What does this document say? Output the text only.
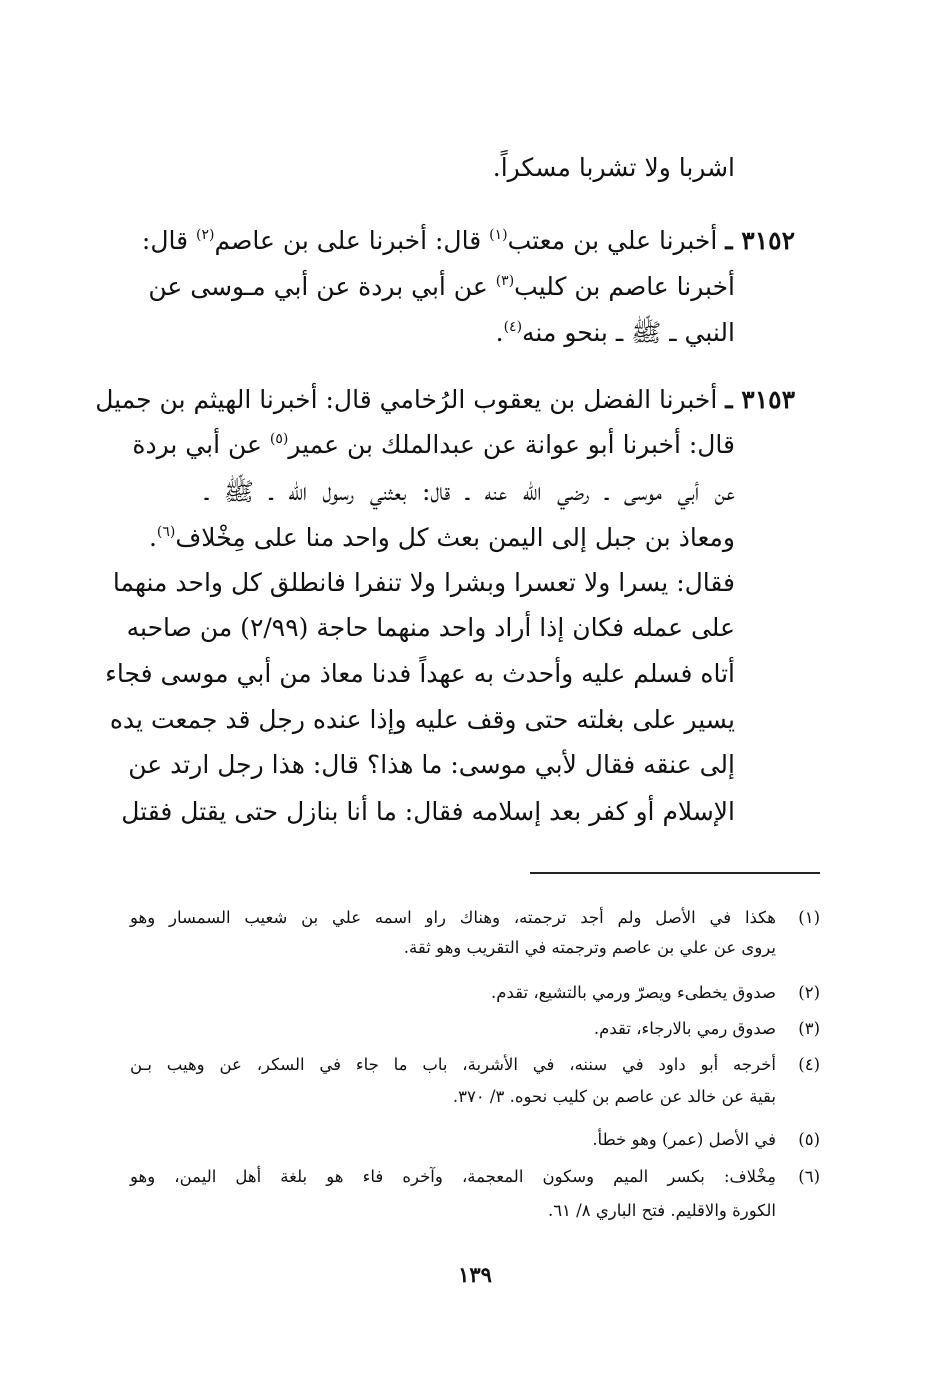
اشربا ولا تشربا مسكراً.
٣١٥٢ ـ أخبرنا علي بن معتب$^{(١)}$ قال: أخبرنا على بن عاصم$^{(٢)}$ قال:
أخبرنا عاصم بن كليب$^{(٣)}$ عن أبي بردة عن أبي مـوسى عن
النبي ـ ﷺ ـ بنحو منه$^{(٤)}$.
٣١٥٣ ـ أخبرنا الفضل بن يعقوب الرُخامي قال: أخبرنا الهيثم بن جميل
قال: أخبرنا أبو عوانة عن عبدالملك بن عمير$^{(٥)}$ عن أبي بردة
عن أبي موسى ـ رضي الله عنه ـ قال: بعثني رسول الله ـ ﷺ ـ
ومعاذ بن جبل إلى اليمن بعث كل واحد منا على مِخْلاف$^{(٦)}$.
فقال: يسرا ولا تعسرا وبشرا ولا تنفرا فانطلق كل واحد منهما
على عمله فكان إذا أراد واحد منهما حاجة (٢/٩٩) من صاحبه
أتاه فسلم عليه وأحدث به عهداً فدنا معاذ من أبي موسى فجاء
يسير على بغلته حتى وقف عليه وإذا عنده رجل قد جمعت يده
إلى عنقه فقال لأبي موسى: ما هذا؟ قال: هذا رجل ارتد عن
الإسلام أو كفر بعد إسلامه فقال: ما أنا بنازل حتى يقتل فقتل
(١)
هكذا في الأصل ولم أجد ترجمته، وهناك راو اسمه علي بن شعيب السمسار وهو
يروى عن علي بن عاصم وترجمته في التقريب وهو ثقة.
(٢)
صدوق يخطىء ويصرّ ورمي بالتشيع، تقدم.
(٣)
صدوق رمي بالارجاء، تقدم.
(٤)
أخرجه أبو داود في سننه، في الأشربة، باب ما جاء في السكر، عن وهيب بـن
بقية عن خالد عن عاصم بن كليب نحوه. ٣/ ٣٧٠.
(٥)
في الأصل (عمر) وهو خطأ.
(٦)
مِخْلاف: بكسر الميم وسكون المعجمة، وآخره فاء هو بلغة أهل اليمن، وهو
الكورة والاقليم. فتح الباري ٨/ ٦١.
١٣٩
